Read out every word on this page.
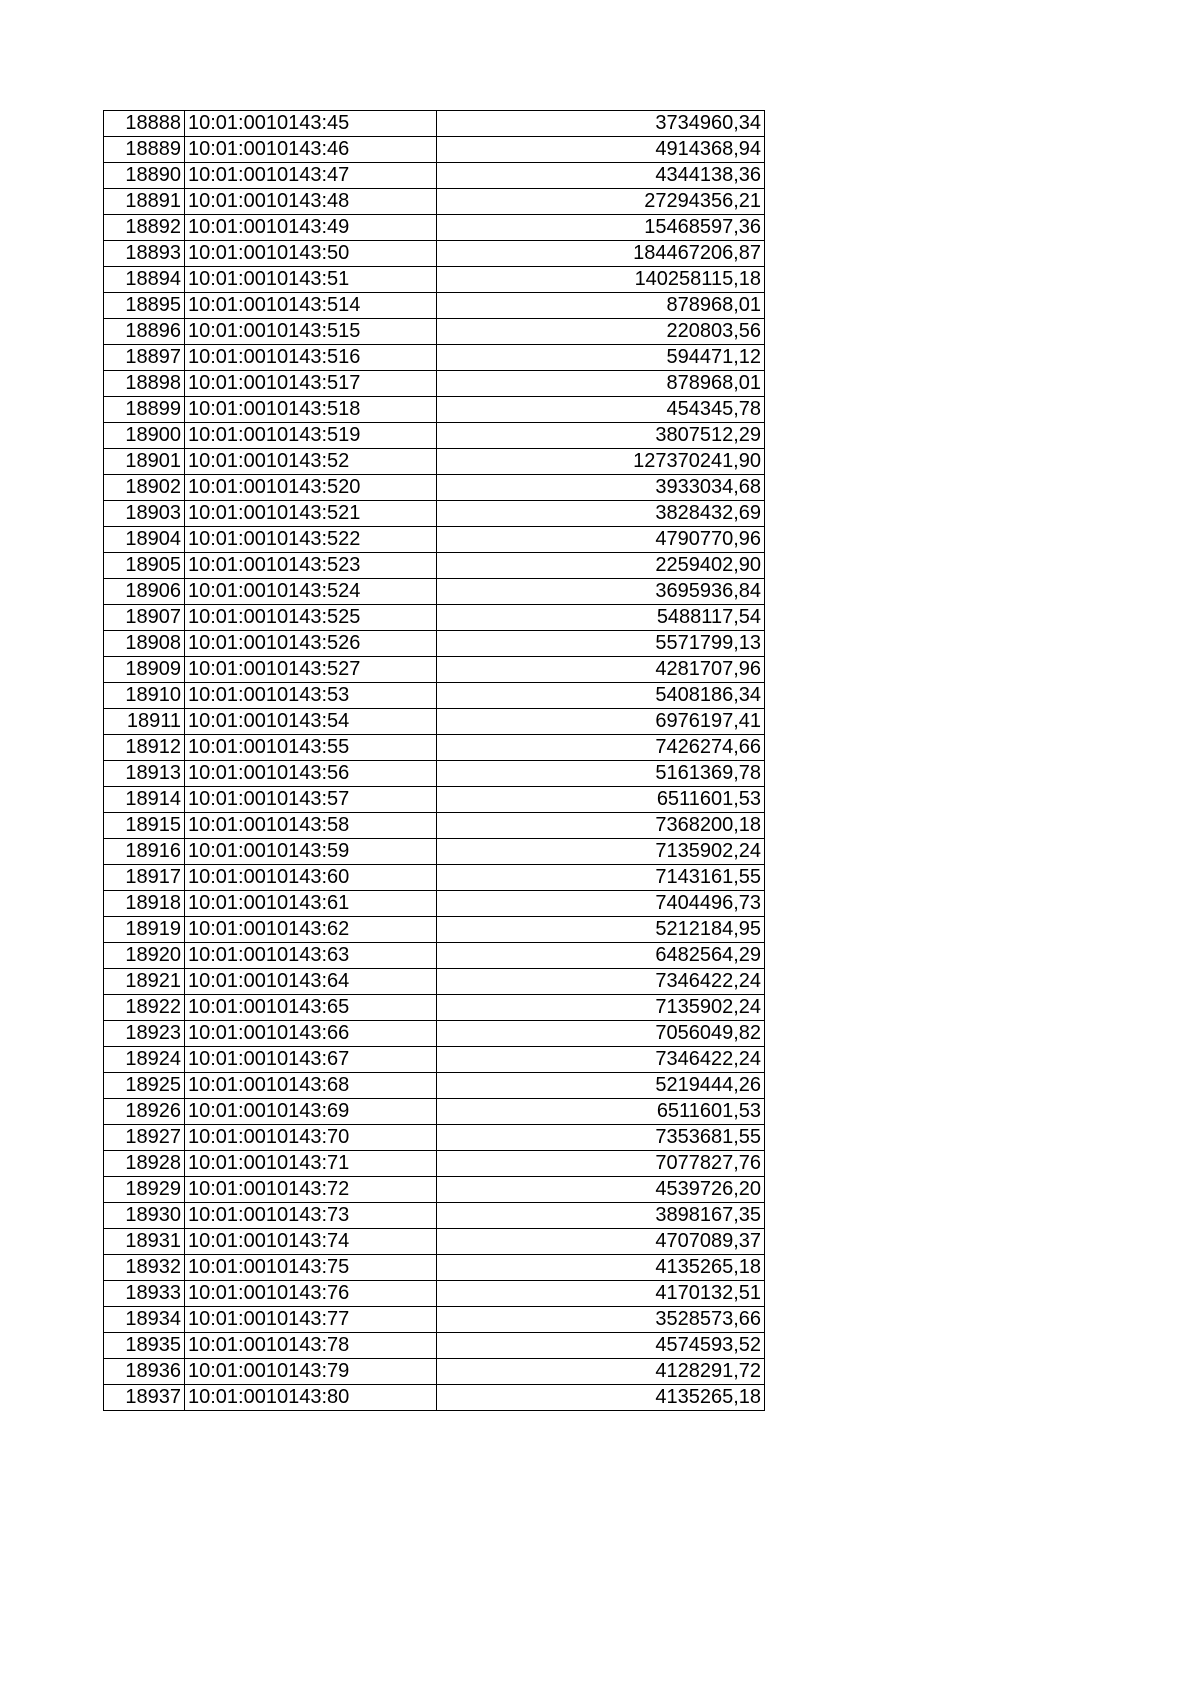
18888	10:01:0010143:45	3734960,34
18889	10:01:0010143:46	4914368,94
18890	10:01:0010143:47	4344138,36
18891	10:01:0010143:48	27294356,21
18892	10:01:0010143:49	15468597,36
18893	10:01:0010143:50	184467206,87
18894	10:01:0010143:51	140258115,18
18895	10:01:0010143:514	878968,01
18896	10:01:0010143:515	220803,56
18897	10:01:0010143:516	594471,12
18898	10:01:0010143:517	878968,01
18899	10:01:0010143:518	454345,78
18900	10:01:0010143:519	3807512,29
18901	10:01:0010143:52	127370241,90
18902	10:01:0010143:520	3933034,68
18903	10:01:0010143:521	3828432,69
18904	10:01:0010143:522	4790770,96
18905	10:01:0010143:523	2259402,90
18906	10:01:0010143:524	3695936,84
18907	10:01:0010143:525	5488117,54
18908	10:01:0010143:526	5571799,13
18909	10:01:0010143:527	4281707,96
18910	10:01:0010143:53	5408186,34
18911	10:01:0010143:54	6976197,41
18912	10:01:0010143:55	7426274,66
18913	10:01:0010143:56	5161369,78
18914	10:01:0010143:57	6511601,53
18915	10:01:0010143:58	7368200,18
18916	10:01:0010143:59	7135902,24
18917	10:01:0010143:60	7143161,55
18918	10:01:0010143:61	7404496,73
18919	10:01:0010143:62	5212184,95
18920	10:01:0010143:63	6482564,29
18921	10:01:0010143:64	7346422,24
18922	10:01:0010143:65	7135902,24
18923	10:01:0010143:66	7056049,82
18924	10:01:0010143:67	7346422,24
18925	10:01:0010143:68	5219444,26
18926	10:01:0010143:69	6511601,53
18927	10:01:0010143:70	7353681,55
18928	10:01:0010143:71	7077827,76
18929	10:01:0010143:72	4539726,20
18930	10:01:0010143:73	3898167,35
18931	10:01:0010143:74	4707089,37
18932	10:01:0010143:75	4135265,18
18933	10:01:0010143:76	4170132,51
18934	10:01:0010143:77	3528573,66
18935	10:01:0010143:78	4574593,52
18936	10:01:0010143:79	4128291,72
18937	10:01:0010143:80	4135265,18
